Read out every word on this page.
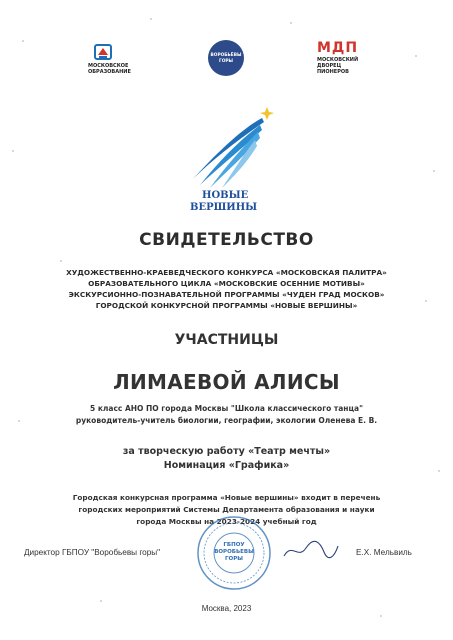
МОСКОВСКОЕ ОБРАЗОВАНИЕ
ВОРОБЬЁВЫ
ГОРЫ
МДП
МОСКОВСКИЙ
ДВОРЕЦ
ПИОНЕРОВ
НОВЫЕ
ВЕРШИНЫ
СВИДЕТЕЛЬСТВО
ХУДОЖЕСТВЕННО-КРАЕВЕДЧЕСКОГО КОНКУРСА «МОСКОВСКАЯ ПАЛИТРА»
ОБРАЗОВАТЕЛЬНОГО ЦИКЛА «МОСКОВСКИЕ ОСЕННИЕ МОТИВЫ»
ЭКСКУРСИОННО-ПОЗНАВАТЕЛЬНОЙ ПРОГРАММЫ «ЧУДЕН ГРАД МОСКОВ»
ГОРОДСКОЙ КОНКУРСНОЙ ПРОГРАММЫ «НОВЫЕ ВЕРШИНЫ»
УЧАСТНИЦЫ
ЛИМАЕВОЙ АЛИСЫ
5 класс АНО ПО города Москвы "Школа классического танца"
руководитель-учитель биологии, географии, экологии Оленева Е. В.
за творческую работу «Театр мечты»
Номинация «Графика»
Городская конкурсная программа «Новые вершины» входит в перечень
городских мероприятий Системы Департамента образования и науки
города Москвы на 2023-2024 учебный год
ГБПОУ
ВОРОБЬЕВЫ
ГОРЫ
Директор ГБПОУ "Воробьевы горы"	Е.Х. Мельвиль
Москва, 2023
